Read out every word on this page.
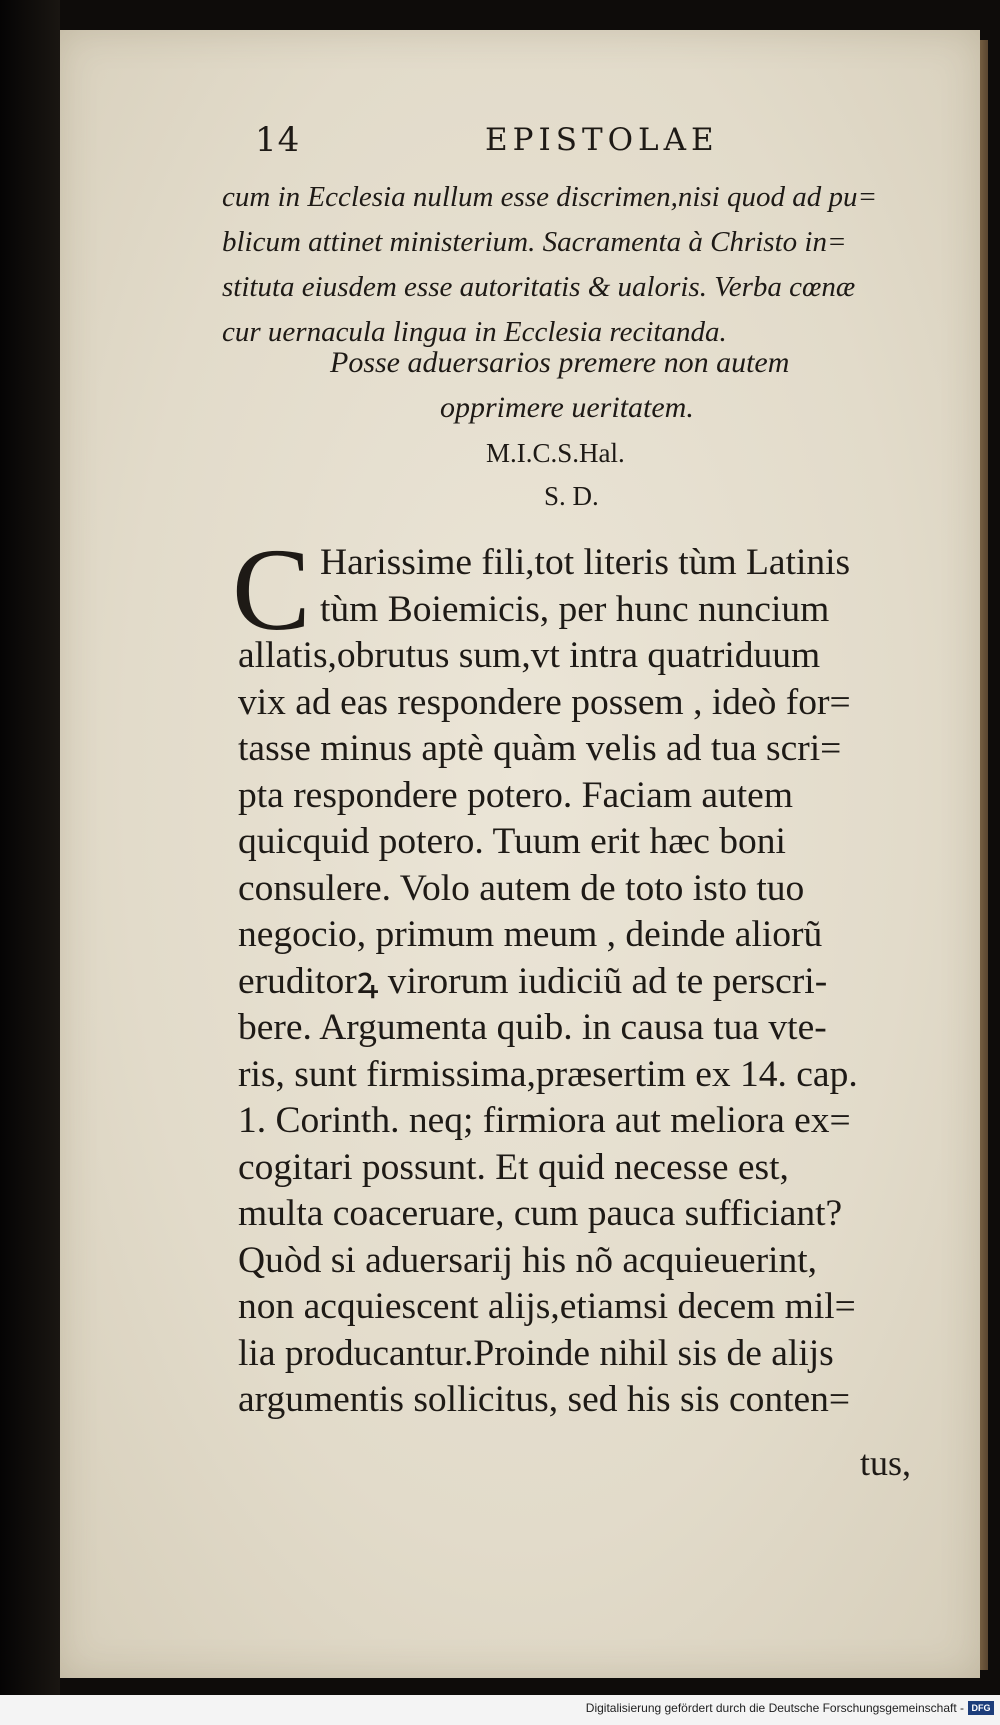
14	EPISTOLAE
cum in Ecclesia nullum esse discrimen,nisi quod ad pu=
blicum attinet ministerium. Sacramenta à Christo in=
stituta eiusdem esse autoritatis & ualoris. Verba cœnæ
cur uernacula lingua in Ecclesia recitanda.
Posse aduersarios premere non autem
opprimere ueritatem.
M.I.C.S.Hal.
S. D.
C Harissime fili,tot literis tùm Latinis
tùm Boiemicis, per hunc nuncium
allatis,obrutus sum,vt intra quatriduum
vix ad eas respondere possem , ideò for=
tasse minus aptè quàm velis ad tua scri=
pta respondere potero. Faciam autem
quicquid potero. Tuum erit hæc boni
consulere. Volo autem de toto isto tuo
negocio, primum meum , deinde aliorũ
eruditorꝝ virorum iudiciũ ad te perscri-
bere. Argumenta quib. in causa tua vte-
ris, sunt firmissima,præsertim ex 14. cap.
1. Corinth. neq; firmiora aut meliora ex=
cogitari possunt. Et quid necesse est,
multa coaceruare, cum pauca sufficiant?
Quòd si aduersarij his nõ acquieuerint,
non acquiescent alijs,etiamsi decem mil=
lia producantur.Proinde nihil sis de alijs
argumentis sollicitus, sed his sis conten=
tus,
Digitalisierung gefördert durch die Deutsche Forschungsgemeinschaft - DFG
